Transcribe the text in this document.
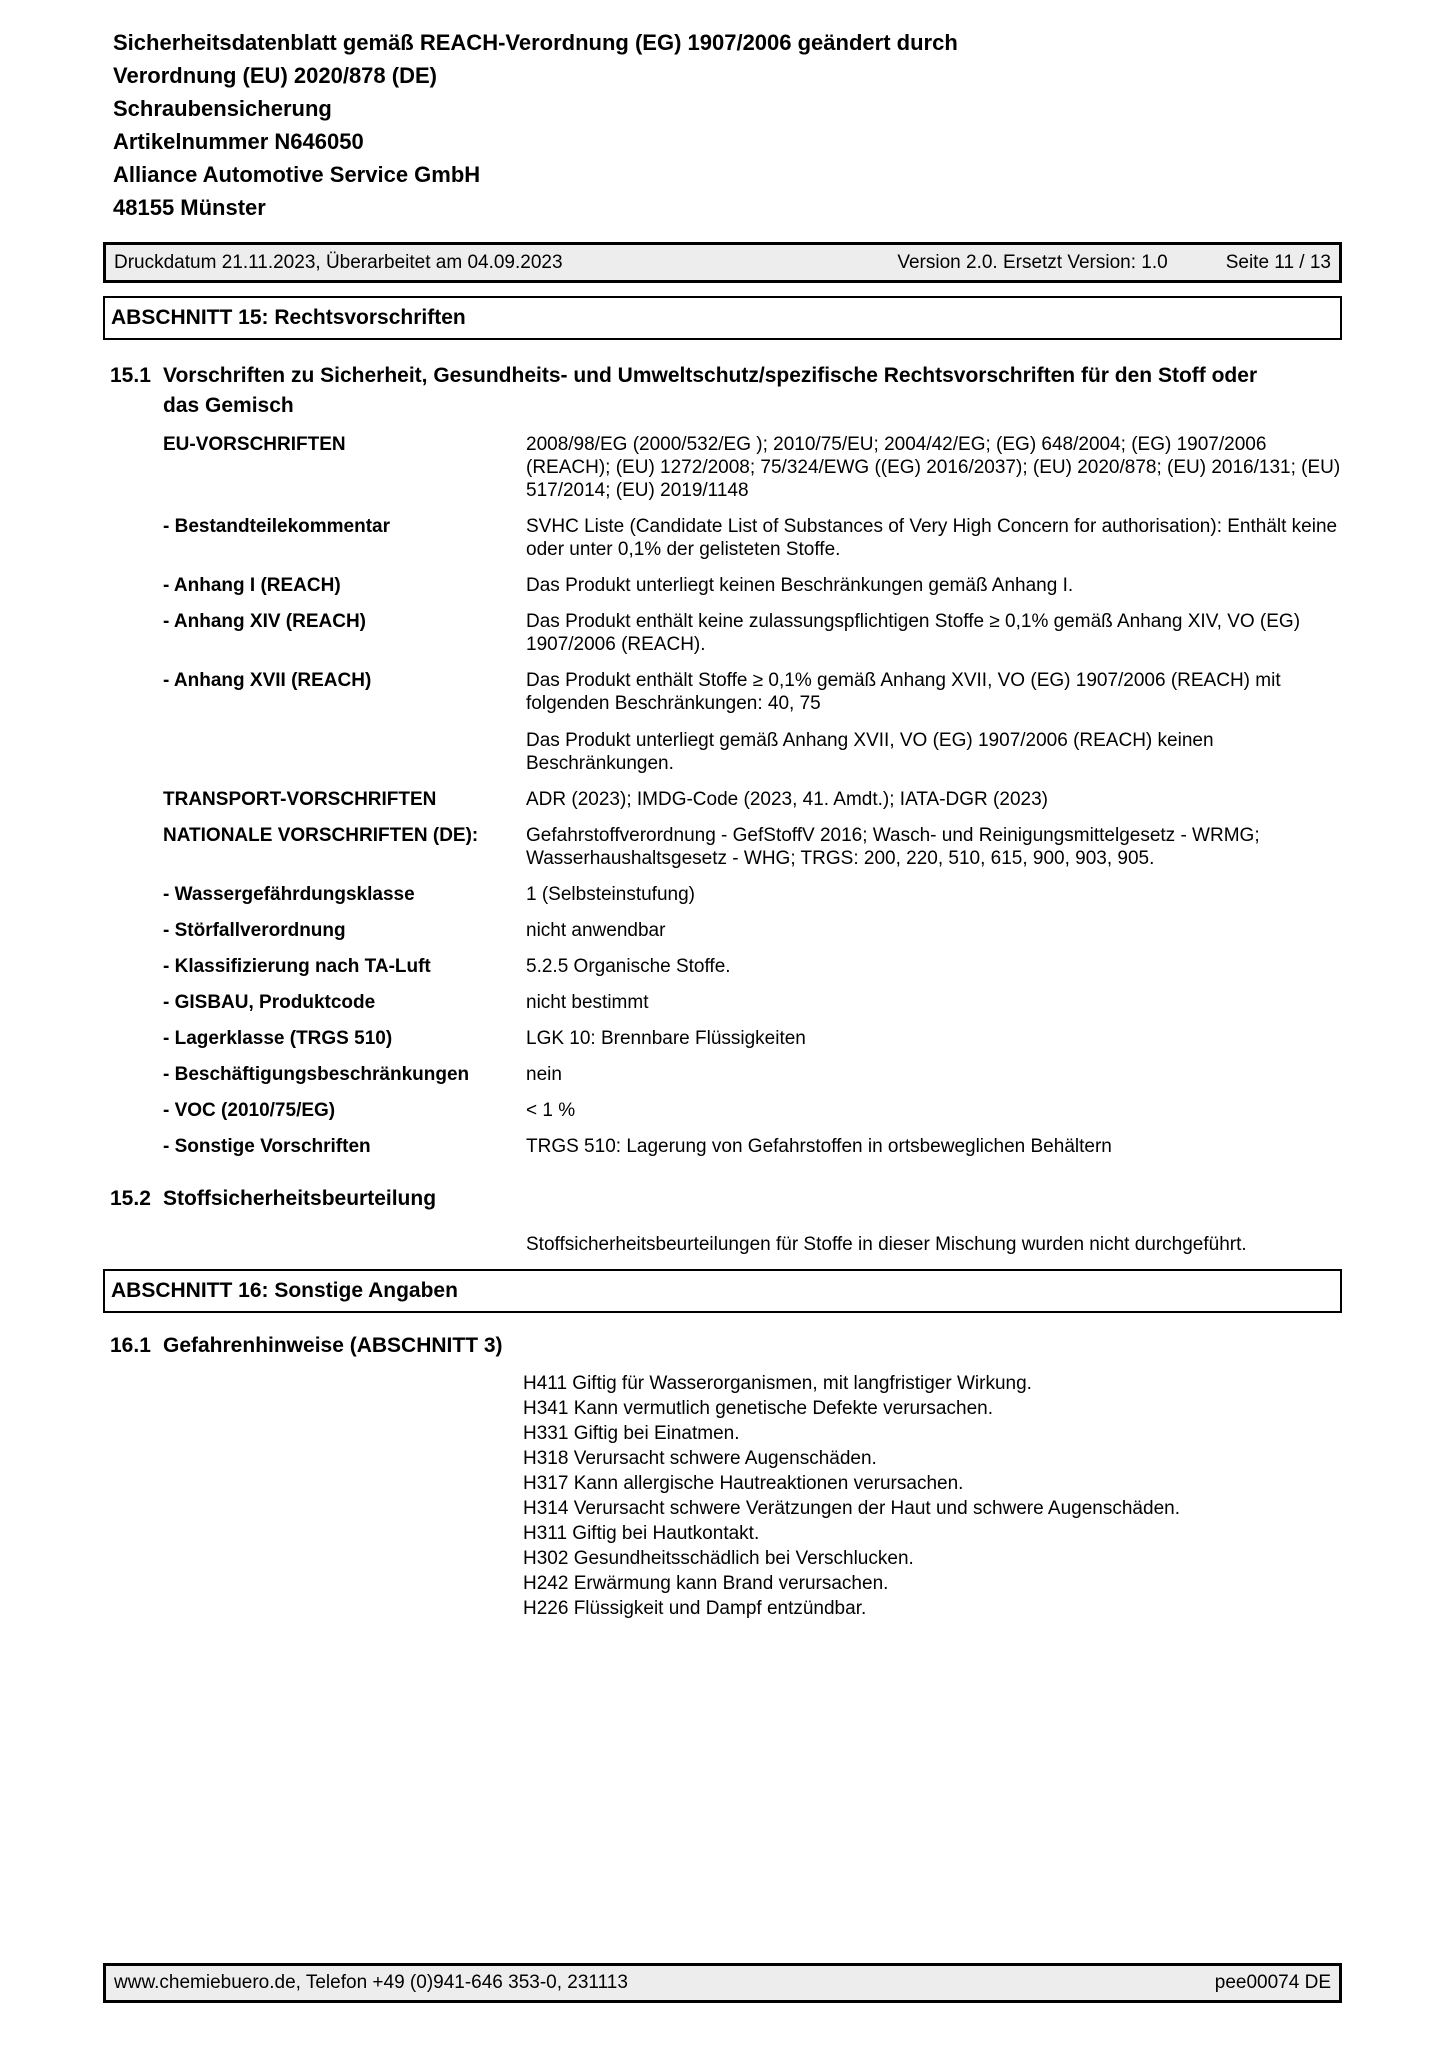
Sicherheitsdatenblatt gemäß REACH-Verordnung (EG) 1907/2006 geändert durch
Verordnung (EU) 2020/878 (DE)
Schraubensicherung
Artikelnummer N646050
Alliance Automotive Service GmbH
48155 Münster
Druckdatum 21.11.2023, Überarbeitet am 04.09.2023	Version 2.0. Ersetzt Version: 1.0	Seite 11 / 13
ABSCHNITT 15: Rechtsvorschriften
15.1 Vorschriften zu Sicherheit, Gesundheits- und Umweltschutz/spezifische Rechtsvorschriften für den Stoff oder
das Gemisch
EU-VORSCHRIFTEN	2008/98/EG (2000/532/EG ); 2010/75/EU; 2004/42/EG; (EG) 648/2004; (EG) 1907/2006 (REACH); (EU) 1272/2008; 75/324/EWG ((EG) 2016/2037); (EU) 2020/878; (EU) 2016/131; (EU) 517/2014; (EU) 2019/1148

- Bestandteilekommentar	SVHC Liste (Candidate List of Substances of Very High Concern for authorisation): Enthält keine oder unter 0,1% der gelisteten Stoffe.

- Anhang I (REACH)	Das Produkt unterliegt keinen Beschränkungen gemäß Anhang I.

- Anhang XIV (REACH)	Das Produkt enthält keine zulassungspflichtigen Stoffe ≥ 0,1% gemäß Anhang XIV, VO (EG) 1907/2006 (REACH).

- Anhang XVII (REACH)	Das Produkt enthält Stoffe ≥ 0,1% gemäß Anhang XVII, VO (EG) 1907/2006 (REACH) mit folgenden Beschränkungen: 40, 75

Das Produkt unterliegt gemäß Anhang XVII, VO (EG) 1907/2006 (REACH) keinen Beschränkungen.

TRANSPORT-VORSCHRIFTEN	ADR (2023); IMDG-Code (2023, 41. Amdt.); IATA-DGR (2023)

NATIONALE VORSCHRIFTEN (DE):	Gefahrstoffverordnung - GefStoffV 2016; Wasch- und Reinigungsmittelgesetz - WRMG; Wasserhaushaltsgesetz - WHG; TRGS: 200, 220, 510, 615, 900, 903, 905.

- Wassergefährdungsklasse	1 (Selbsteinstufung)

- Störfallverordnung	nicht anwendbar

- Klassifizierung nach TA-Luft	5.2.5 Organische Stoffe.

- GISBAU, Produktcode	nicht bestimmt

- Lagerklasse (TRGS 510)	LGK 10: Brennbare Flüssigkeiten

- Beschäftigungsbeschränkungen	nein

- VOC (2010/75/EG)	< 1 %

- Sonstige Vorschriften	TRGS 510: Lagerung von Gefahrstoffen in ortsbeweglichen Behältern

15.2 Stoffsicherheitsbeurteilung
Stoffsicherheitsbeurteilungen für Stoffe in dieser Mischung wurden nicht durchgeführt.
ABSCHNITT 16: Sonstige Angaben
16.1 Gefahrenhinweise (ABSCHNITT 3)
H411 Giftig für Wasserorganismen, mit langfristiger Wirkung.
H341 Kann vermutlich genetische Defekte verursachen.
H331 Giftig bei Einatmen.
H318 Verursacht schwere Augenschäden.
H317 Kann allergische Hautreaktionen verursachen.
H314 Verursacht schwere Verätzungen der Haut und schwere Augenschäden.
H311 Giftig bei Hautkontakt.
H302 Gesundheitsschädlich bei Verschlucken.
H242 Erwärmung kann Brand verursachen.
H226 Flüssigkeit und Dampf entzündbar.
www.chemiebuero.de, Telefon +49 (0)941-646 353-0, 231113	pee00074 DE
